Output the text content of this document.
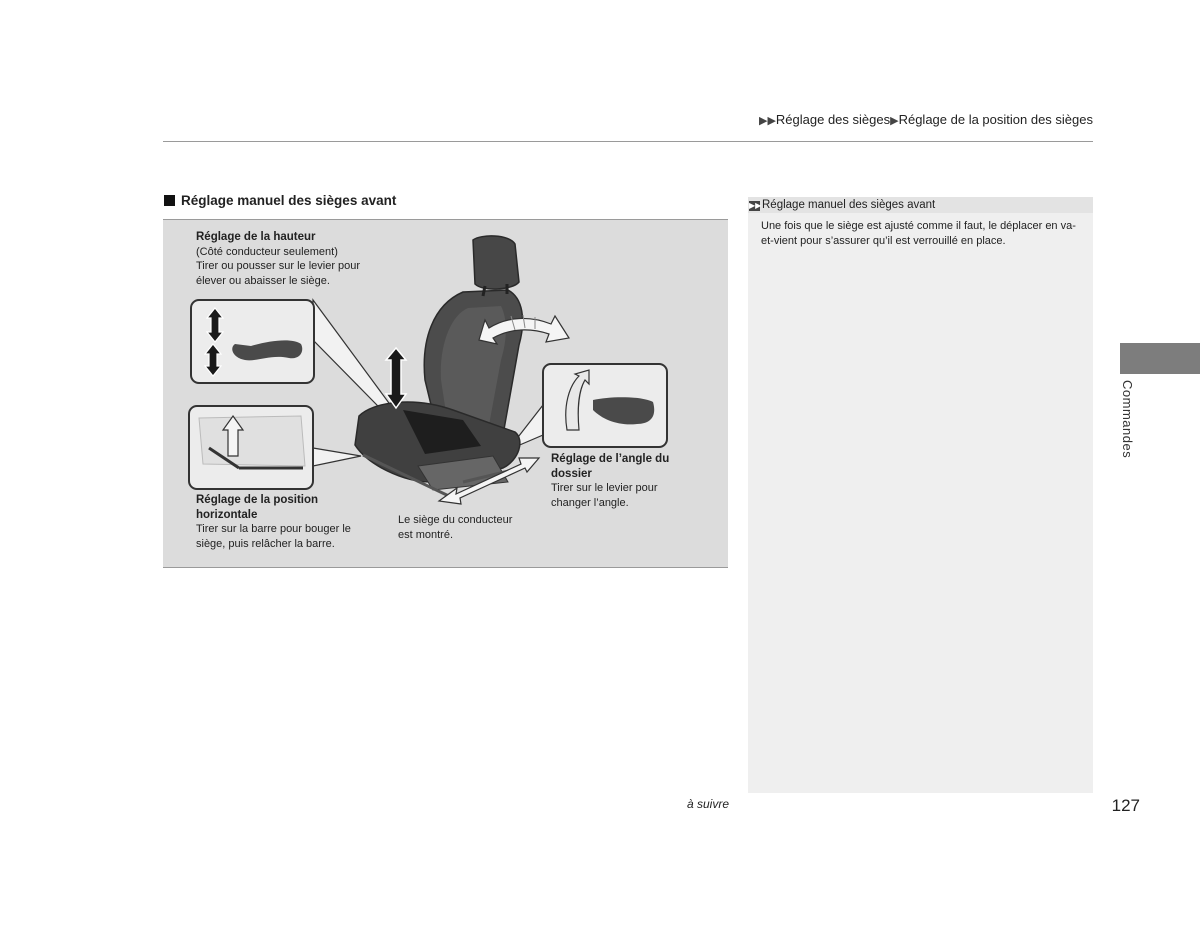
▶▶Réglage des sièges▶Réglage de la position des sièges
Réglage manuel des sièges avant
Réglage de la hauteur
(Côté conducteur seulement)
Tirer ou pousser sur le levier pour élever ou abaisser le siège.
Réglage de la position horizontale
Tirer sur la barre pour bouger le siège, puis relâcher la barre.
Le siège du conducteur est montré.
Réglage de l’angle du dossier
Tirer sur le levier pour changer l’angle.
▶▶Réglage manuel des sièges avant
Une fois que le siège est ajusté comme il faut, le déplacer en va-et-vient pour s’assurer qu’il est verrouillé en place.
Commandes
à suivre	127
